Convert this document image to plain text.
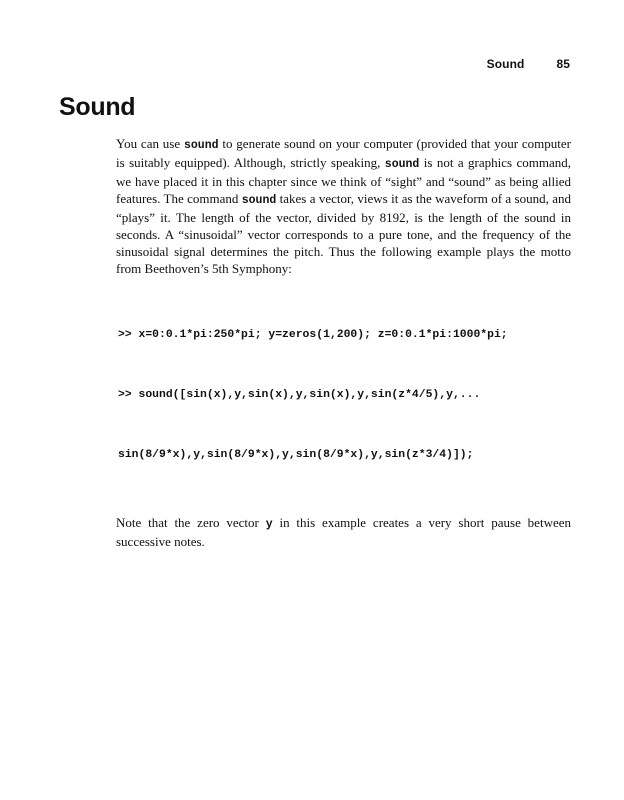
Sound	85
Sound

You can use sound to generate sound on your computer (provided that your computer is suitably equipped). Although, strictly speaking, sound is not a graphics command, we have placed it in this chapter since we think of “sight” and “sound” as being allied features. The command sound takes a vector, views it as the waveform of a sound, and “plays” it. The length of the vector, divided by 8192, is the length of the sound in seconds. A “sinusoidal” vector corresponds to a pure tone, and the frequency of the sinusoidal signal determines the pitch. Thus the following example plays the motto from Beethoven’s 5th Symphony:

>> x=0:0.1*pi:250*pi; y=zeros(1,200); z=0:0.1*pi:1000*pi;

>> sound([sin(x),y,sin(x),y,sin(x),y,sin(z*4/5),y,...

sin(8/9*x),y,sin(8/9*x),y,sin(8/9*x),y,sin(z*3/4)]);

Note that the zero vector y in this example creates a very short pause between successive notes.
